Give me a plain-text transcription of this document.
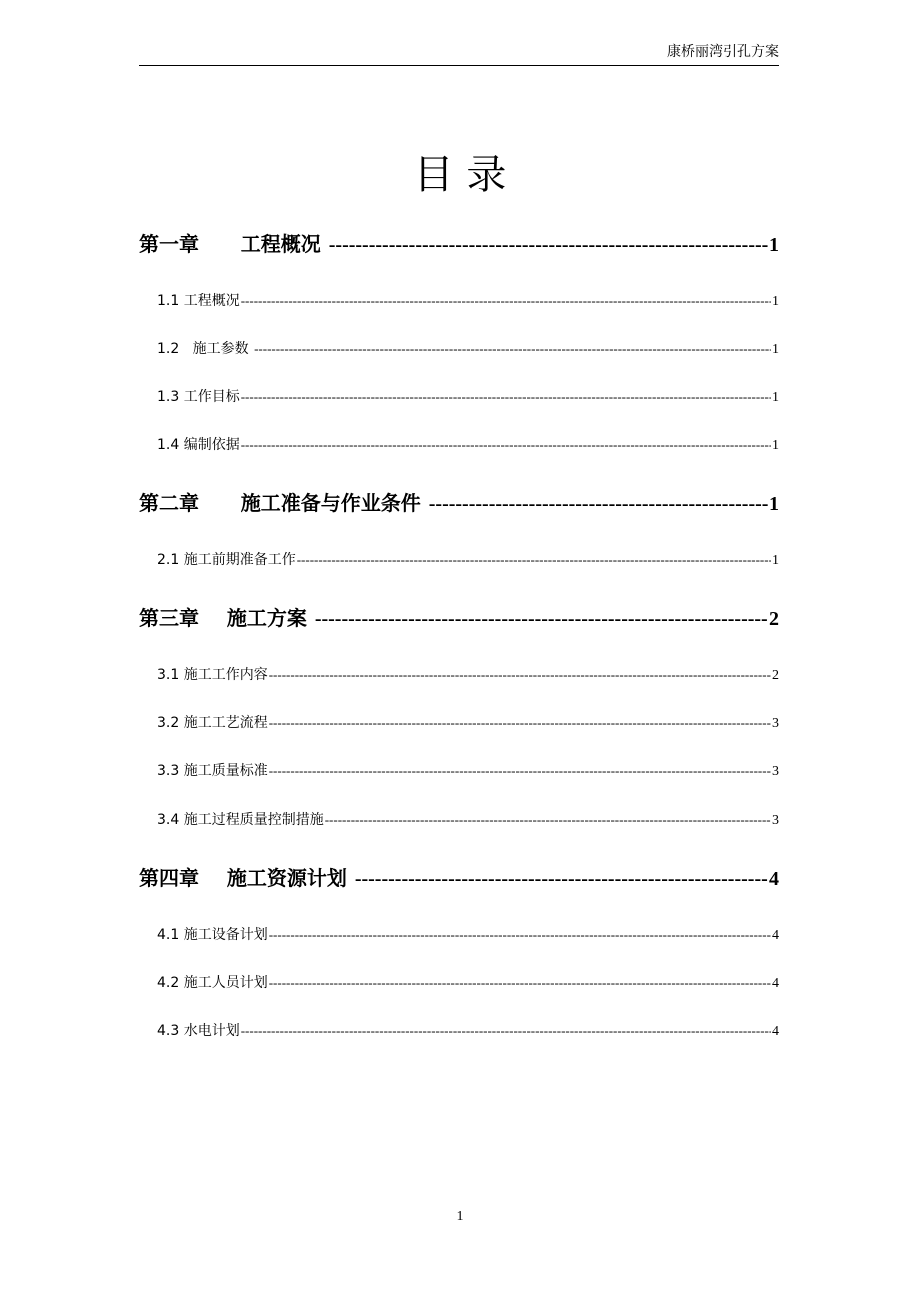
康桥丽湾引孔方案
目 录
第一章      工程概况 -----	1
1.1 工程概况 -----	1
1.2   施工参数 -----	1
1.3 工作目标 -----	1
1.4 编制依据 -----	1
第二章      施工准备与作业条件 -----	1
2.1 施工前期准备工作 -----	1
第三章    施工方案 -----	2
3.1 施工工作内容 -----	2
3.2 施工工艺流程 -----	3
3.3 施工质量标准 -----	3
3.4 施工过程质量控制措施 -----	3
第四章    施工资源计划 -----	4
4.1 施工设备计划 -----	4
4.2 施工人员计划 -----	4
4.3 水电计划 -----	4
1
